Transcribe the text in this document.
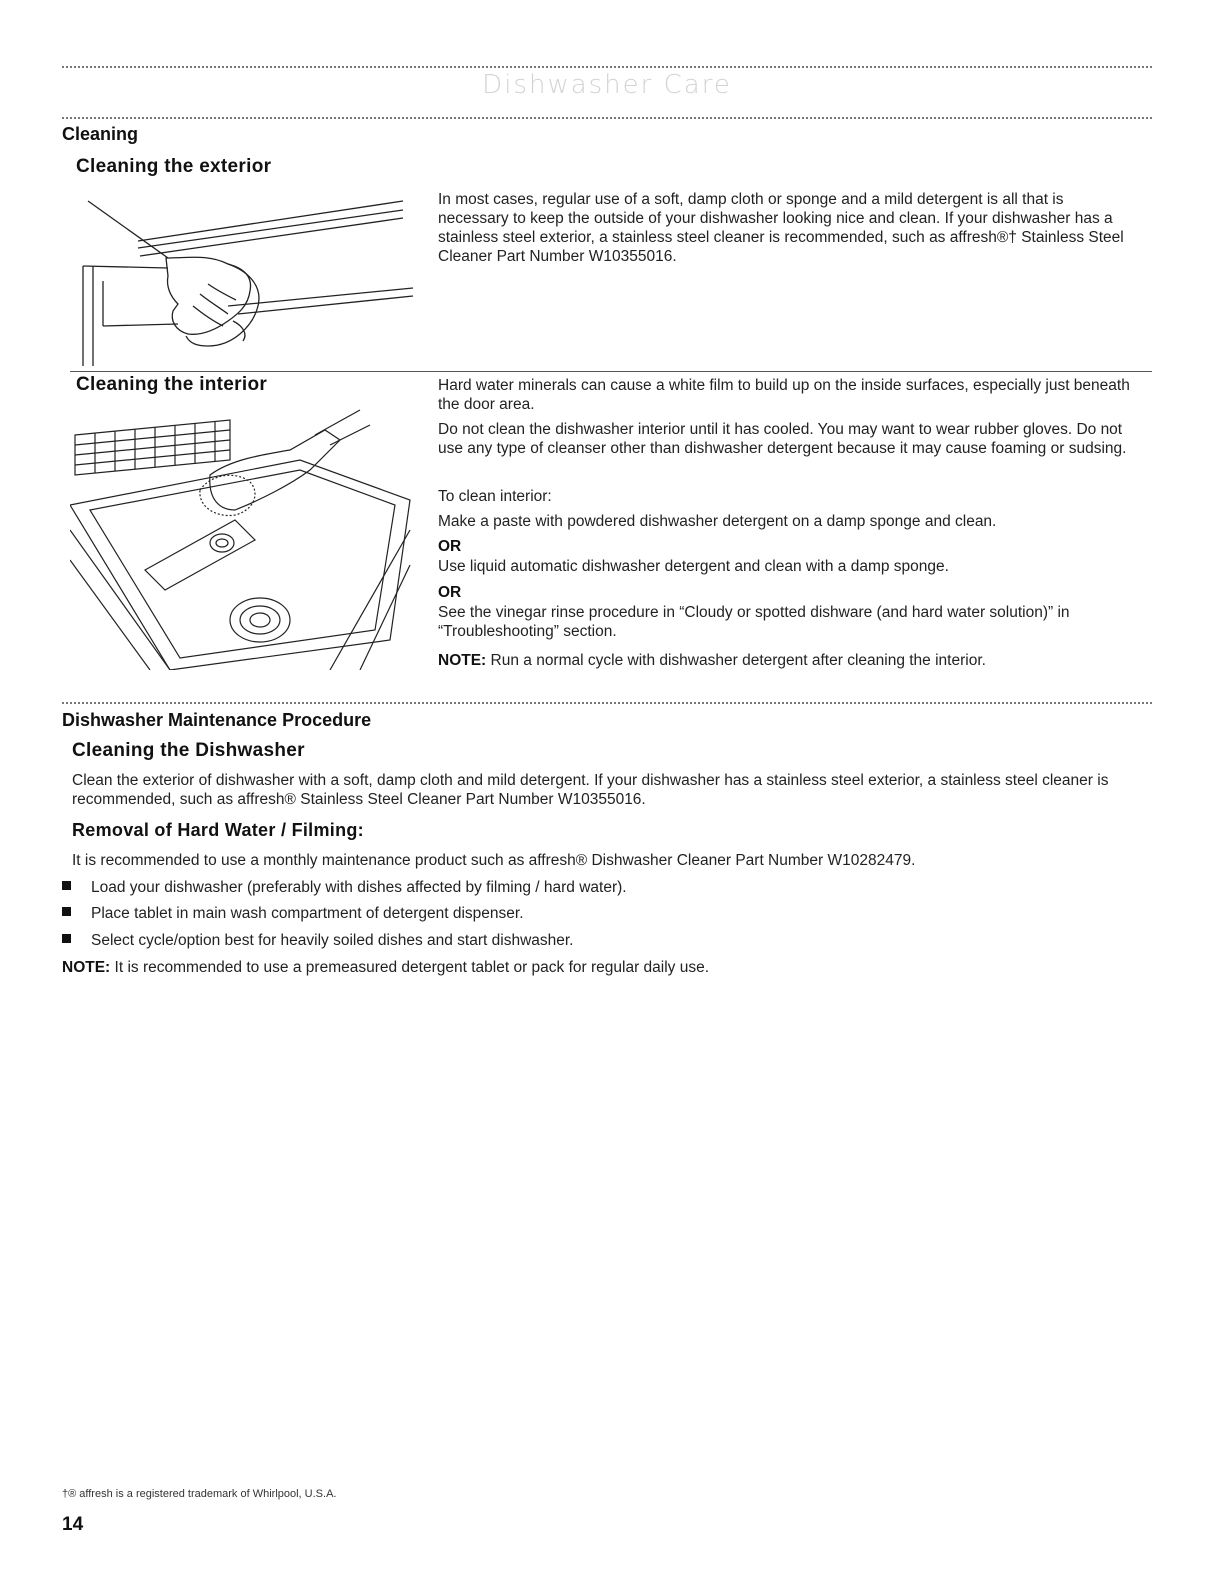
Dishwasher Care
Cleaning
Cleaning the exterior
In most cases, regular use of a soft, damp cloth or sponge and a mild detergent is all that is necessary to keep the outside of your dishwasher looking nice and clean. If your dishwasher has a stainless steel exterior, a stainless steel cleaner is recommended, such as affresh®† Stainless Steel Cleaner Part Number W10355016.
Cleaning the interior	Hard water minerals can cause a white film to build up on the inside surfaces, especially just beneath the door area.
Do not clean the dishwasher interior until it has cooled. You may want to wear rubber gloves. Do not use any type of cleanser other than dishwasher detergent because it may cause foaming or sudsing.
To clean interior:
Make a paste with powdered dishwasher detergent on a damp sponge and clean.
OR
Use liquid automatic dishwasher detergent and clean with a damp sponge.
OR
See the vinegar rinse procedure in “Cloudy or spotted dishware (and hard water solution)” in “Troubleshooting” section.
NOTE: Run a normal cycle with dishwasher detergent after cleaning the interior.
Dishwasher Maintenance Procedure
Cleaning the Dishwasher
Clean the exterior of dishwasher with a soft, damp cloth and mild detergent. If your dishwasher has a stainless steel exterior, a stainless steel cleaner is recommended, such as affresh® Stainless Steel Cleaner Part Number W10355016.
Removal of Hard Water / Filming:
It is recommended to use a monthly maintenance product such as affresh® Dishwasher Cleaner Part Number W10282479.
Load your dishwasher (preferably with dishes affected by filming / hard water).
Place tablet in main wash compartment of detergent dispenser.
Select cycle/option best for heavily soiled dishes and start dishwasher.
NOTE: It is recommended to use a premeasured detergent tablet or pack for regular daily use.
†® affresh is a registered trademark of Whirlpool, U.S.A.
14
